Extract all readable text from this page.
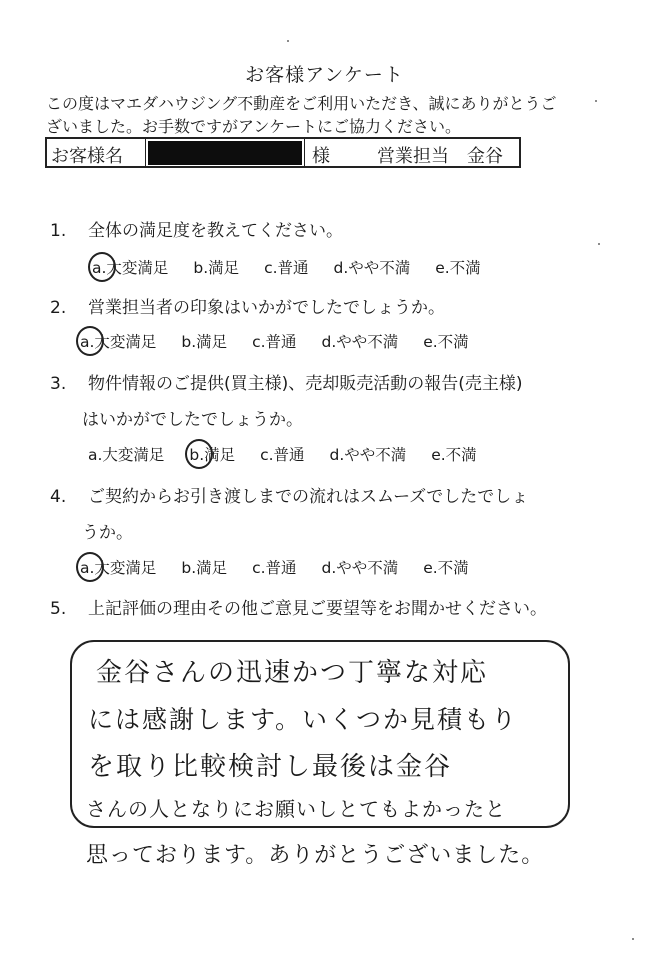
お客様アンケート
この度はマエダハウジング不動産をご利用いただき、誠にありがとうご
ざいました。お手数ですがアンケートにご協力ください。
お客様名	様	営業担当 金谷
1. 全体の満足度を教えてください。
a.大変満足 b.満足 c.普通 d.やや不満 e.不満
2. 営業担当者の印象はいかがでしたでしょうか。
a.大変満足 b.満足 c.普通 d.やや不満 e.不満
3. 物件情報のご提供(買主様)、売却販売活動の報告(売主様)
はいかがでしたでしょうか。
a.大変満足 b.満足 c.普通 d.やや不満 e.不満
4. ご契約からお引き渡しまでの流れはスムーズでしたでしょ
うか。
a.大変満足 b.満足 c.普通 d.やや不満 e.不満
5. 上記評価の理由その他ご意見ご要望等をお聞かせください。
金谷さんの迅速かつ丁寧な対応
には感謝します。いくつか見積もり
を取り比較検討し最後は金谷
さんの人となりにお願いしとてもよかったと
思っております。ありがとうございました。
